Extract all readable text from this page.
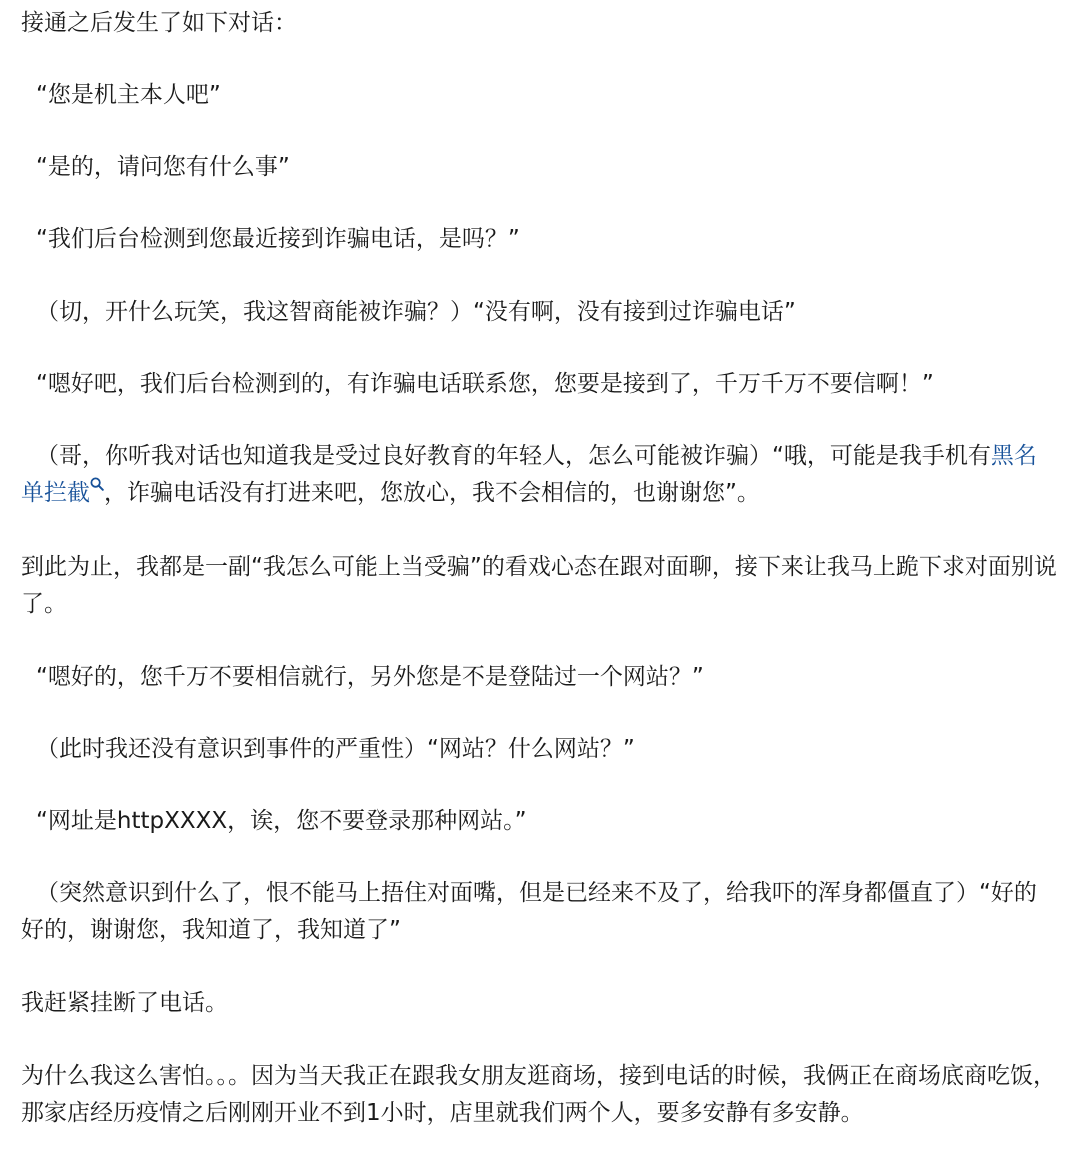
接通之后发生了如下对话：

“您是机主本人吧”

“是的，请问您有什么事”

“我们后台检测到您最近接到诈骗电话，是吗？”

（切，开什么玩笑，我这智商能被诈骗？）“没有啊，没有接到过诈骗电话”

“嗯好吧，我们后台检测到的，有诈骗电话联系您，您要是接到了，千万千万不要信啊！”

（哥，你听我对话也知道我是受过良好教育的年轻人，怎么可能被诈骗）“哦，可能是我手机有黑名单拦截 ，诈骗电话没有打进来吧，您放心，我不会相信的，也谢谢您”。

到此为止，我都是一副“我怎么可能上当受骗”的看戏心态在跟对面聊，接下来让我马上跪下求对面别说了。

“嗯好的，您千万不要相信就行，另外您是不是登陆过一个网站？”

（此时我还没有意识到事件的严重性）“网站？什么网站？”

“网址是httpXXXX，诶，您不要登录那种网站。”

（突然意识到什么了，恨不能马上捂住对面嘴，但是已经来不及了，给我吓的浑身都僵直了）“好的好的，谢谢您，我知道了，我知道了”

我赶紧挂断了电话。

为什么我这么害怕。。。因为当天我正在跟我女朋友逛商场，接到电话的时候，我俩正在商场底商吃饭，那家店经历疫情之后刚刚开业不到1小时，店里就我们两个人，要多安静有多安静。
